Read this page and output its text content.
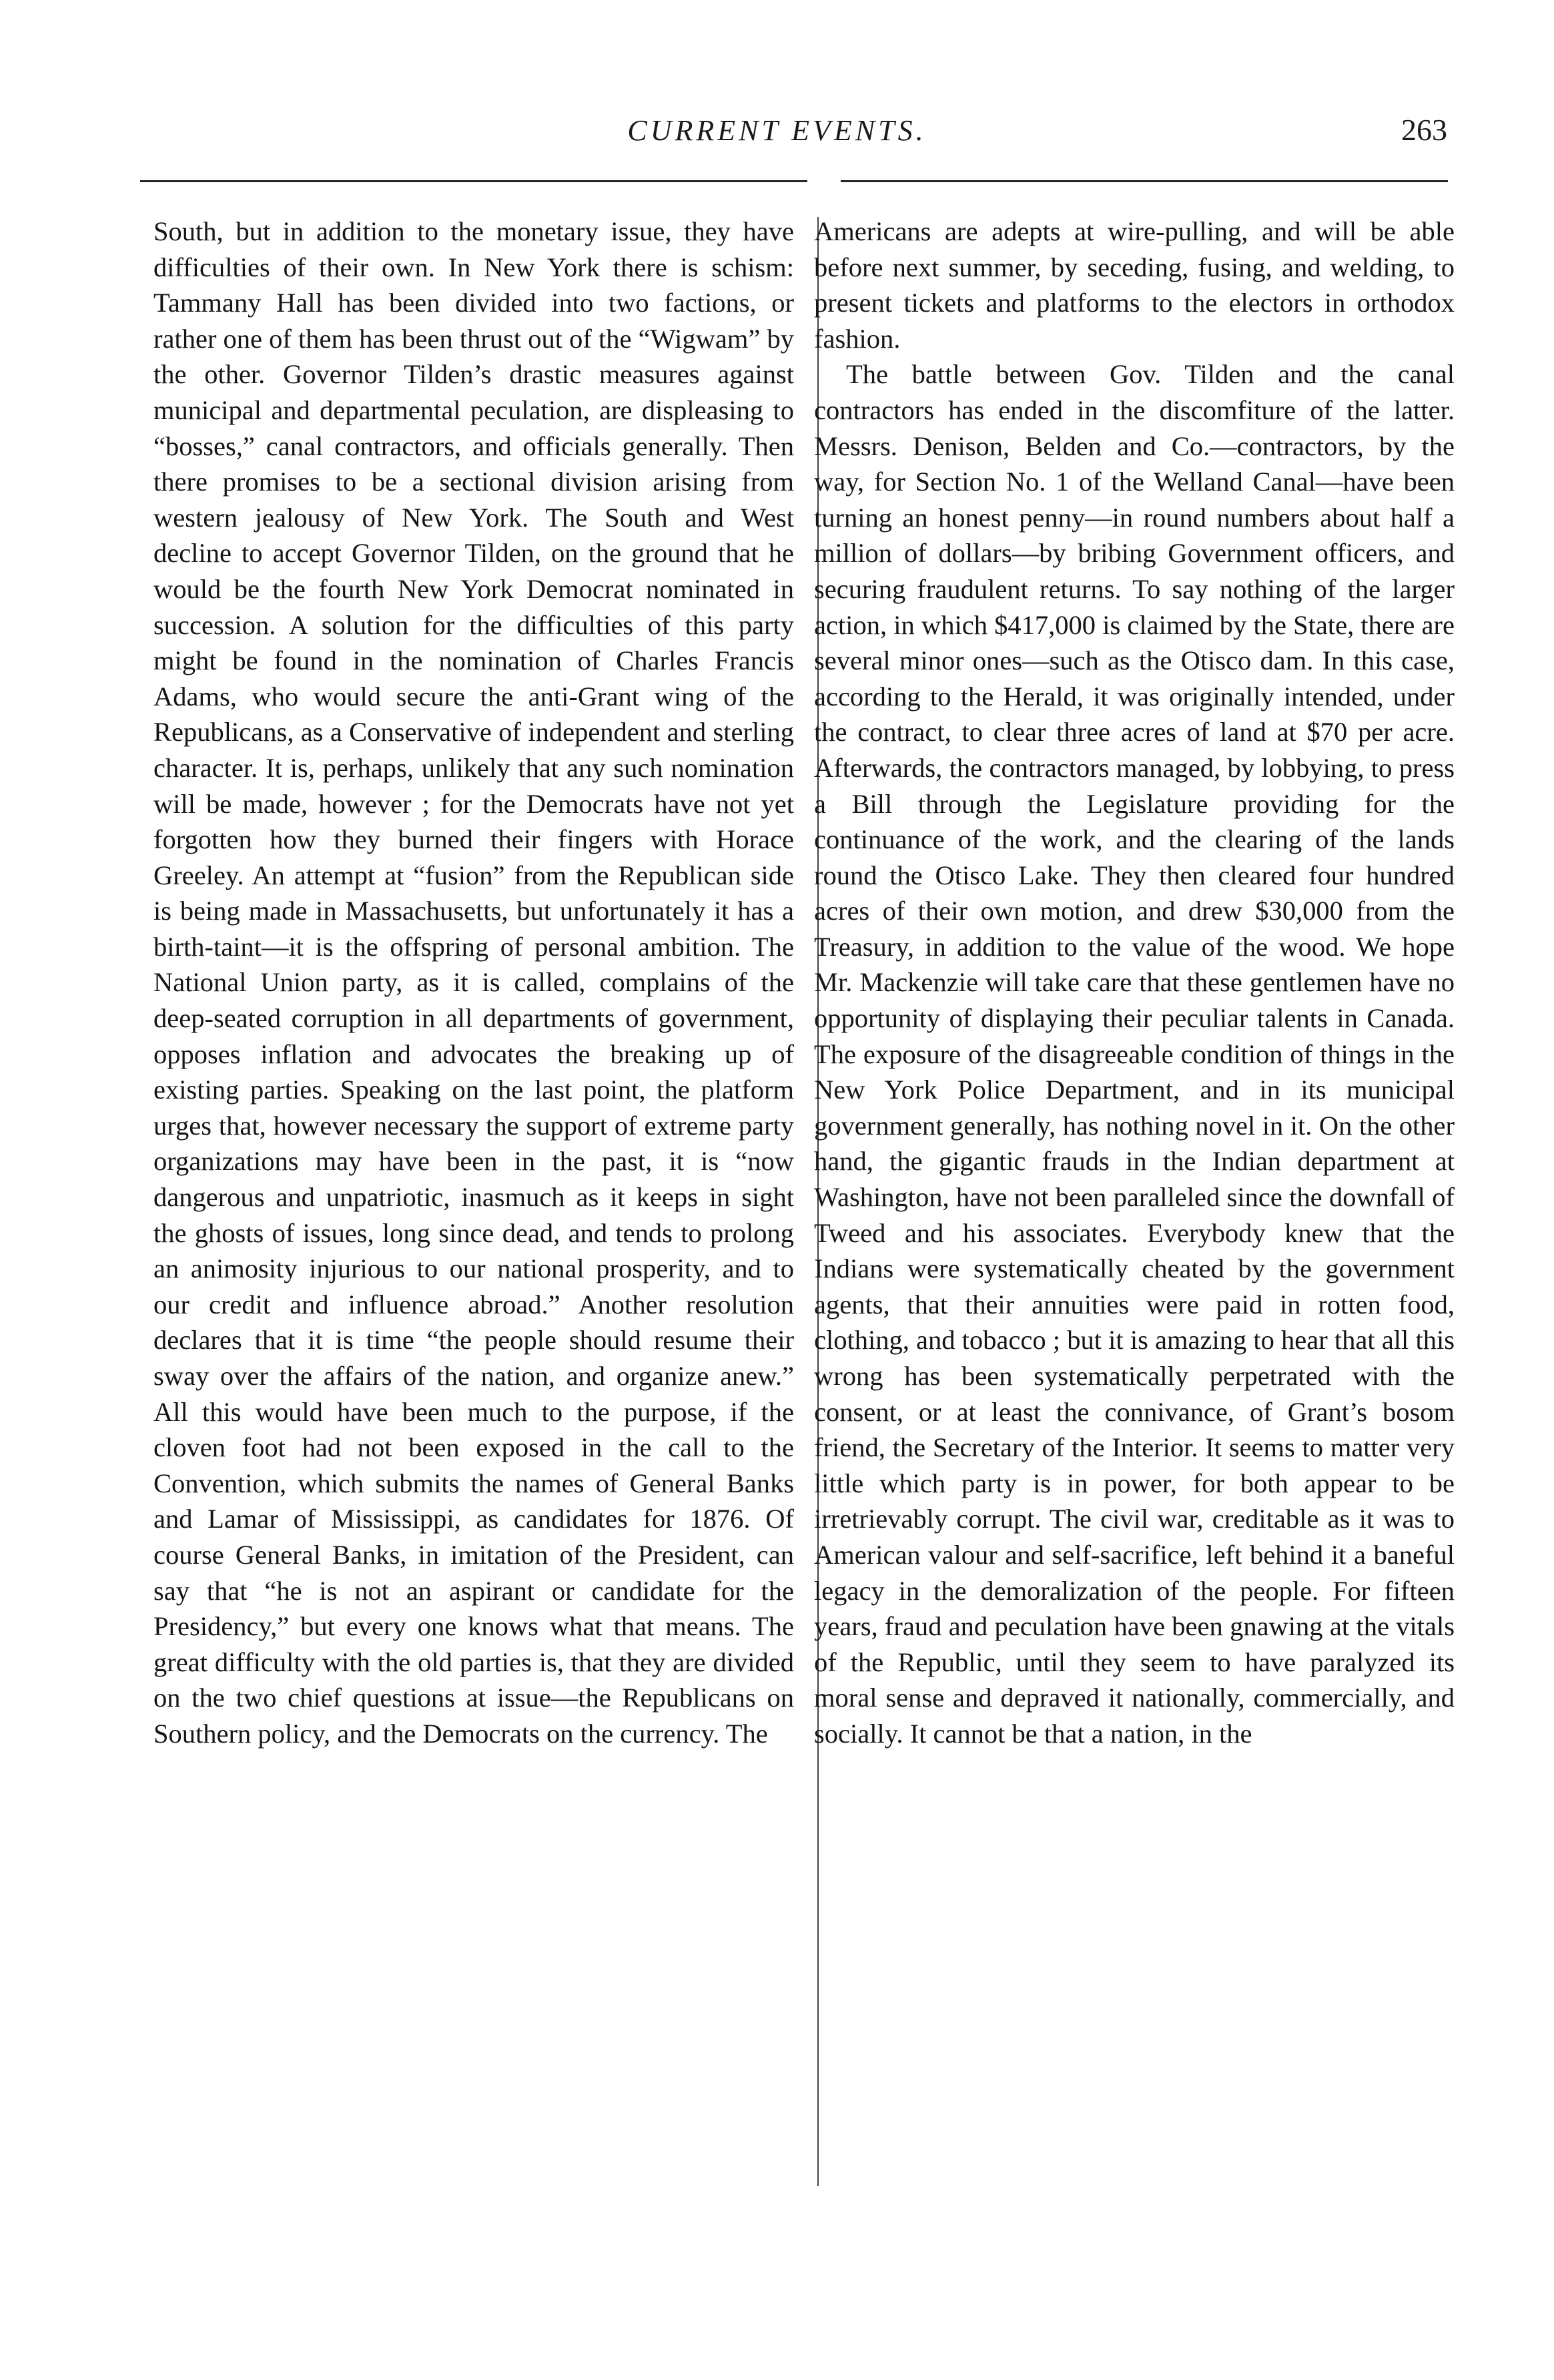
CURRENT EVENTS.	263

South, but in addition to the monetary issue, they have difficulties of their own. In New York there is schism: Tammany Hall has been divided into two factions, or rather one of them has been thrust out of the “Wigwam” by the other. Governor Tilden’s drastic measures against municipal and departmental peculation, are displeasing to “bosses,” canal contractors, and officials generally. Then there promises to be a sectional division arising from western jealousy of New York. The South and West decline to accept Governor Tilden, on the ground that he would be the fourth New York Democrat nominated in succession. A solution for the difficulties of this party might be found in the nomination of Charles Francis Adams, who would secure the anti-Grant wing of the Republicans, as a Conservative of independent and sterling character. It is, perhaps, unlikely that any such nomination will be made, however ; for the Democrats have not yet forgotten how they burned their fingers with Horace Greeley. An attempt at “fusion” from the Republican side is being made in Massachusetts, but unfortunately it has a birth-taint—it is the offspring of personal ambition. The National Union party, as it is called, complains of the deep-seated corruption in all departments of government, opposes inflation and advocates the breaking up of existing parties. Speaking on the last point, the platform urges that, however necessary the support of extreme party organizations may have been in the past, it is “now dangerous and unpatriotic, inasmuch as it keeps in sight the ghosts of issues, long since dead, and tends to prolong an animosity injurious to our national prosperity, and to our credit and influence abroad.” Another resolution declares that it is time “the people should resume their sway over the affairs of the nation, and organize anew.” All this would have been much to the purpose, if the cloven foot had not been exposed in the call to the Convention, which submits the names of General Banks and Lamar of Mississippi, as candidates for 1876. Of course General Banks, in imitation of the President, can say that “he is not an aspirant or candidate for the Presidency,” but every one knows what that means. The great difficulty with the old parties is, that they are divided on the two chief questions at issue—the Republicans on Southern policy, and the Democrats on the currency. The

Americans are adepts at wire-pulling, and will be able before next summer, by seceding, fusing, and welding, to present tickets and platforms to the electors in orthodox fashion.

The battle between Gov. Tilden and the canal contractors has ended in the discomfiture of the latter. Messrs. Denison, Belden and Co.—contractors, by the way, for Section No. 1 of the Welland Canal—have been turning an honest penny—in round numbers about half a million of dollars—by bribing Government officers, and securing fraudulent returns. To say nothing of the larger action, in which $417,000 is claimed by the State, there are several minor ones—such as the Otisco dam. In this case, according to the Herald, it was originally intended, under the contract, to clear three acres of land at $70 per acre. Afterwards, the contractors managed, by lobbying, to press a Bill through the Legislature providing for the continuance of the work, and the clearing of the lands round the Otisco Lake. They then cleared four hundred acres of their own motion, and drew $30,000 from the Treasury, in addition to the value of the wood. We hope Mr. Mackenzie will take care that these gentlemen have no opportunity of displaying their peculiar talents in Canada. The exposure of the disagreeable condition of things in the New York Police Department, and in its municipal government generally, has nothing novel in it. On the other hand, the gigantic frauds in the Indian department at Washington, have not been paralleled since the downfall of Tweed and his associates. Everybody knew that the Indians were systematically cheated by the government agents, that their annuities were paid in rotten food, clothing, and tobacco ; but it is amazing to hear that all this wrong has been systematically perpetrated with the consent, or at least the connivance, of Grant’s bosom friend, the Secretary of the Interior. It seems to matter very little which party is in power, for both appear to be irretrievably corrupt. The civil war, creditable as it was to American valour and self-sacrifice, left behind it a baneful legacy in the demoralization of the people. For fifteen years, fraud and peculation have been gnawing at the vitals of the Republic, until they seem to have paralyzed its moral sense and depraved it nationally, commercially, and socially. It cannot be that a nation, in the
